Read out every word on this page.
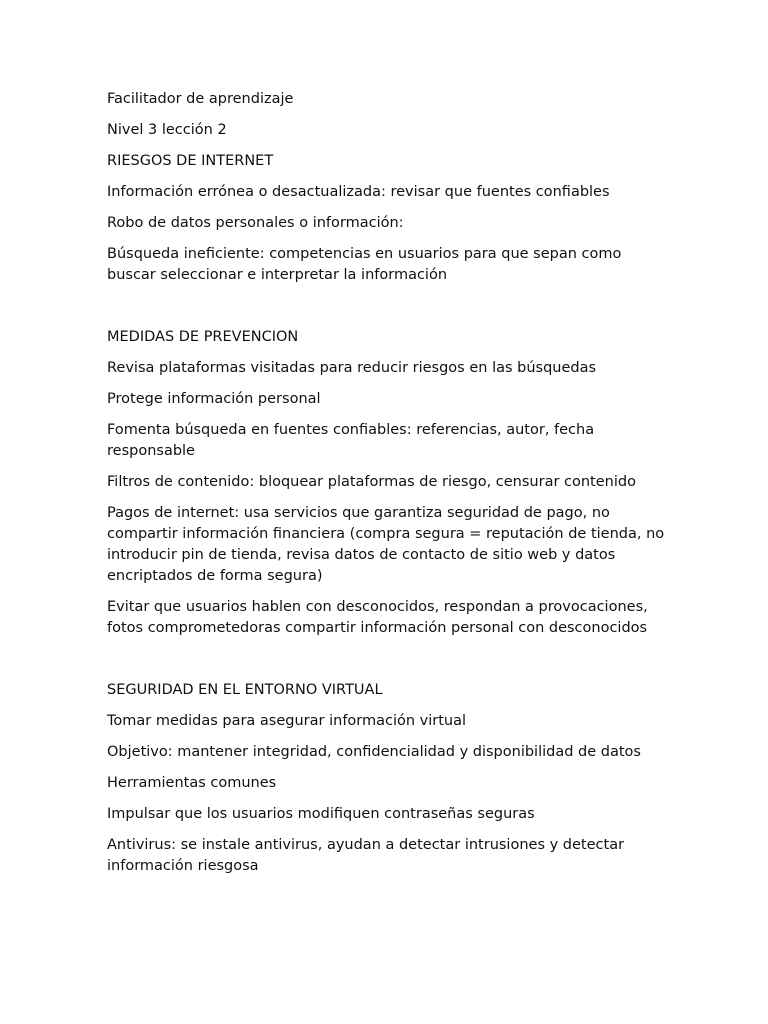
Facilitador de aprendizaje

Nivel 3 lección 2

RIESGOS DE INTERNET

Información errónea o desactualizada: revisar que fuentes confiables

Robo de datos personales o información:

Búsqueda ineficiente: competencias en usuarios para que sepan como buscar seleccionar e interpretar la información

MEDIDAS DE PREVENCION

Revisa plataformas visitadas para reducir riesgos en las búsquedas

Protege información personal

Fomenta búsqueda en fuentes confiables: referencias, autor, fecha responsable

Filtros de contenido: bloquear plataformas de riesgo, censurar contenido

Pagos de internet: usa servicios que garantiza seguridad de pago, no compartir información financiera (compra segura = reputación de tienda, no introducir pin de tienda, revisa datos de contacto de sitio web y datos encriptados de forma segura)

Evitar que usuarios hablen con desconocidos, respondan a provocaciones, fotos comprometedoras compartir información personal con desconocidos

SEGURIDAD EN EL ENTORNO VIRTUAL

Tomar medidas para asegurar información virtual

Objetivo: mantener integridad, confidencialidad y disponibilidad de datos

Herramientas comunes

Impulsar que los usuarios modifiquen contraseñas seguras

Antivirus: se instale antivirus, ayudan a detectar intrusiones y detectar información riesgosa
